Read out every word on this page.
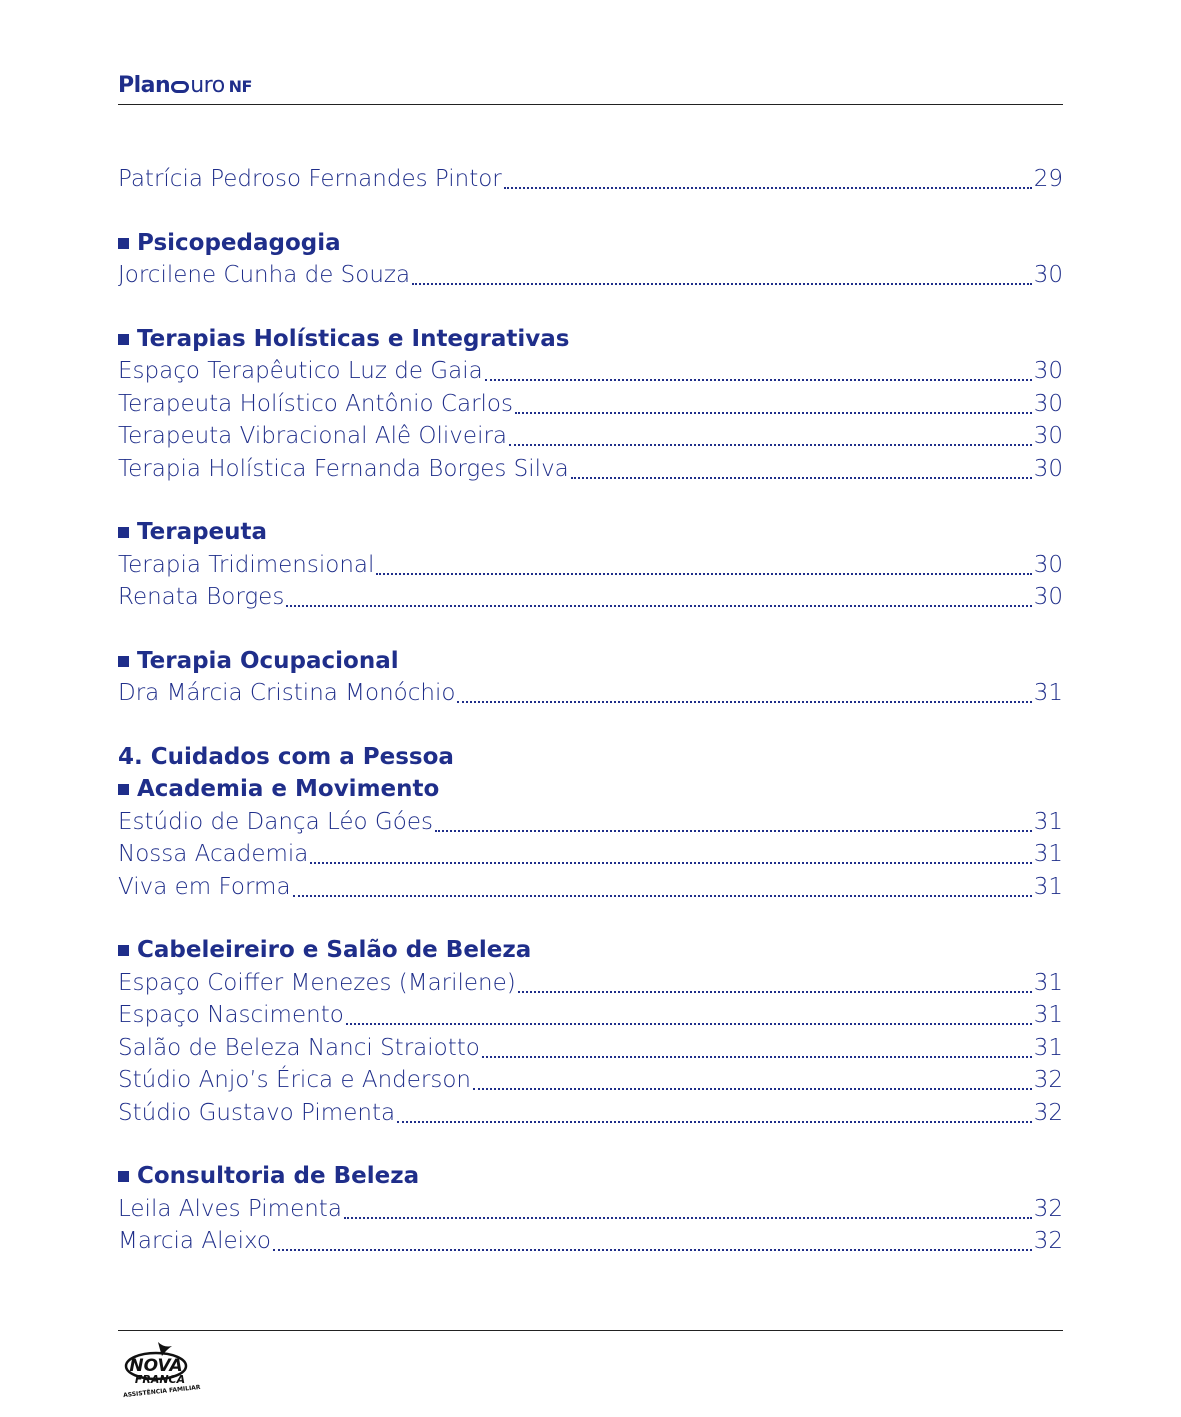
Plan uro NF
Patrícia Pedroso Fernandes Pintor	29
Psicopedagogia
Jorcilene Cunha de Souza	30
Terapias Holísticas e Integrativas
Espaço Terapêutico Luz de Gaia	30
Terapeuta Holístico Antônio Carlos	30
Terapeuta Vibracional Alê Oliveira	30
Terapia Holística Fernanda Borges Silva	30
Terapeuta
Terapia Tridimensional	30
Renata Borges	30
Terapia Ocupacional
Dra Márcia Cristina Monóchio	31
4. Cuidados com a Pessoa
Academia e Movimento
Estúdio de Dança Léo Góes	31
Nossa Academia	31
Viva em Forma	31
Cabeleireiro e Salão de Beleza
Espaço Coiffer Menezes (Marilene)	31
Espaço Nascimento	31
Salão de Beleza Nanci Straiotto	31
Stúdio Anjo’s Érica e Anderson	32
Stúdio Gustavo Pimenta	32
Consultoria de Beleza
Leila Alves Pimenta	32
Marcia Aleixo	32
NOVA
FRANCA
ASSISTÊNCIA FAMILIAR
